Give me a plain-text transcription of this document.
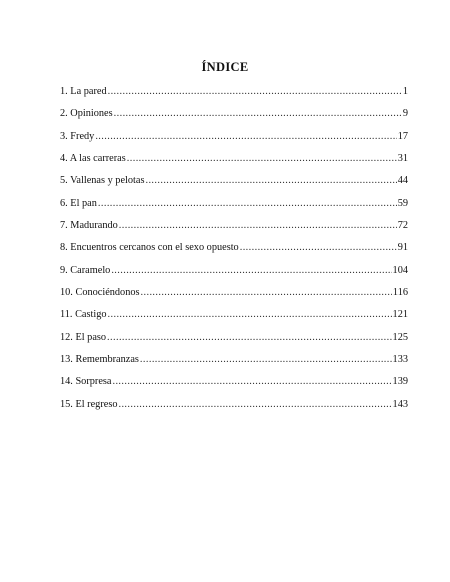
ÍNDICE
1. La pared .....	1
2. Opiniones .....	9
3. Fredy .....	17
4. A las carreras .....	31
5. Vallenas y pelotas .....	44
6. El pan .....	59
7. Madurando .....	72
8. Encuentros cercanos con el sexo opuesto .....	91
9. Caramelo .....	104
10. Conociéndonos .....	116
11. Castigo .....	121
12. El paso .....	125
13. Remembranzas .....	133
14. Sorpresa .....	139
15. El regreso .....	143
